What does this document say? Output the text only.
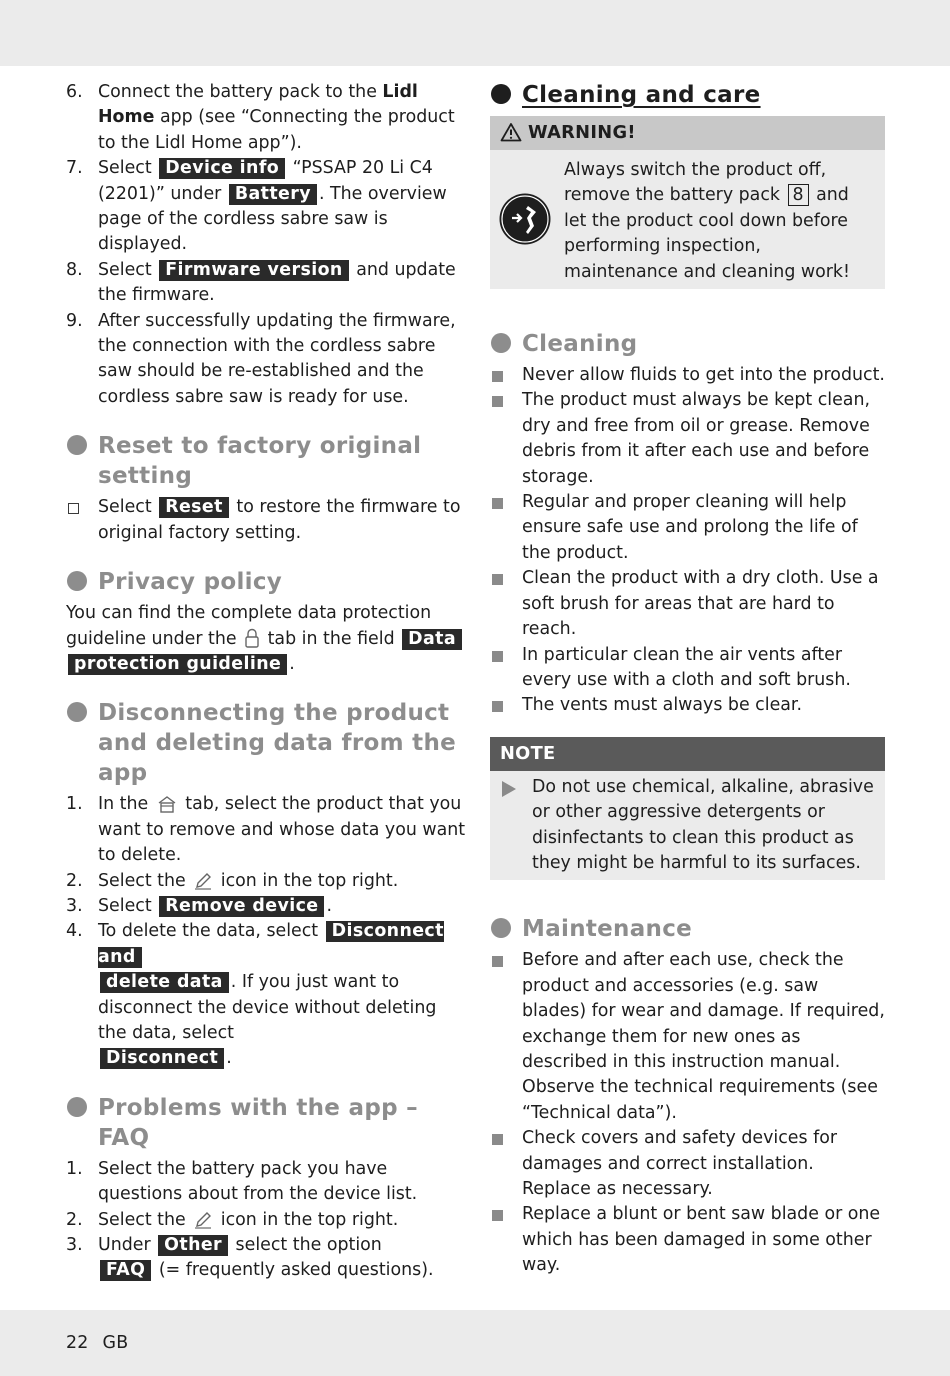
6. Connect the battery pack to the Lidl Home app (see “Connecting the product to the Lidl Home app”).
7. Select Device info “PSSAP 20 Li C4 (2201)” under Battery . The overview page of the cordless sabre saw is displayed.
8. Select Firmware version and update the firmware.
9. After successfully updating the firmware, the connection with the cordless sabre saw should be re-established and the cordless sabre saw is ready for use.
Reset to factory original setting
Select Reset to restore the firmware to original factory setting.
Privacy policy

You can find the complete data protection guideline under the  tab in the field Data
protection guideline .

Disconnecting the product and deleting data from the app
1. In the  tab, select the product that you want to remove and whose data you want to delete.
2. Select the  icon in the top right.
3. Select Remove device .
4. To delete the data, select Disconnect and
delete data . If you just want to disconnect the device without deleting the data, select
Disconnect .
Problems with the app – FAQ
1. Select the battery pack you have questions about from the device list.
2. Select the  icon in the top right.
3. Under Other select the option
FAQ (= frequently asked questions).
Cleaning and care
WARNING!
Always switch the product off, remove the battery pack 8 and let the product cool down before performing inspection, maintenance and cleaning work!
Cleaning
Never allow fluids to get into the product.
The product must always be kept clean, dry and free from oil or grease. Remove debris from it after each use and before storage.
Regular and proper cleaning will help ensure safe use and prolong the life of the product.
Clean the product with a dry cloth. Use a soft brush for areas that are hard to reach.
In particular clean the air vents after every use with a cloth and soft brush.
The vents must always be clear.
NOTE
Do not use chemical, alkaline, abrasive or other aggressive detergents or disinfectants to clean this product as they might be harmful to its surfaces.
Maintenance
Before and after each use, check the product and accessories (e.g. saw blades) for wear and damage. If required, exchange them for new ones as described in this instruction manual. Observe the technical requirements (see “Technical data”).
Check covers and safety devices for damages and correct installation. Replace as necessary.
Replace a blunt or bent saw blade or one which has been damaged in some other way.
22 GB
